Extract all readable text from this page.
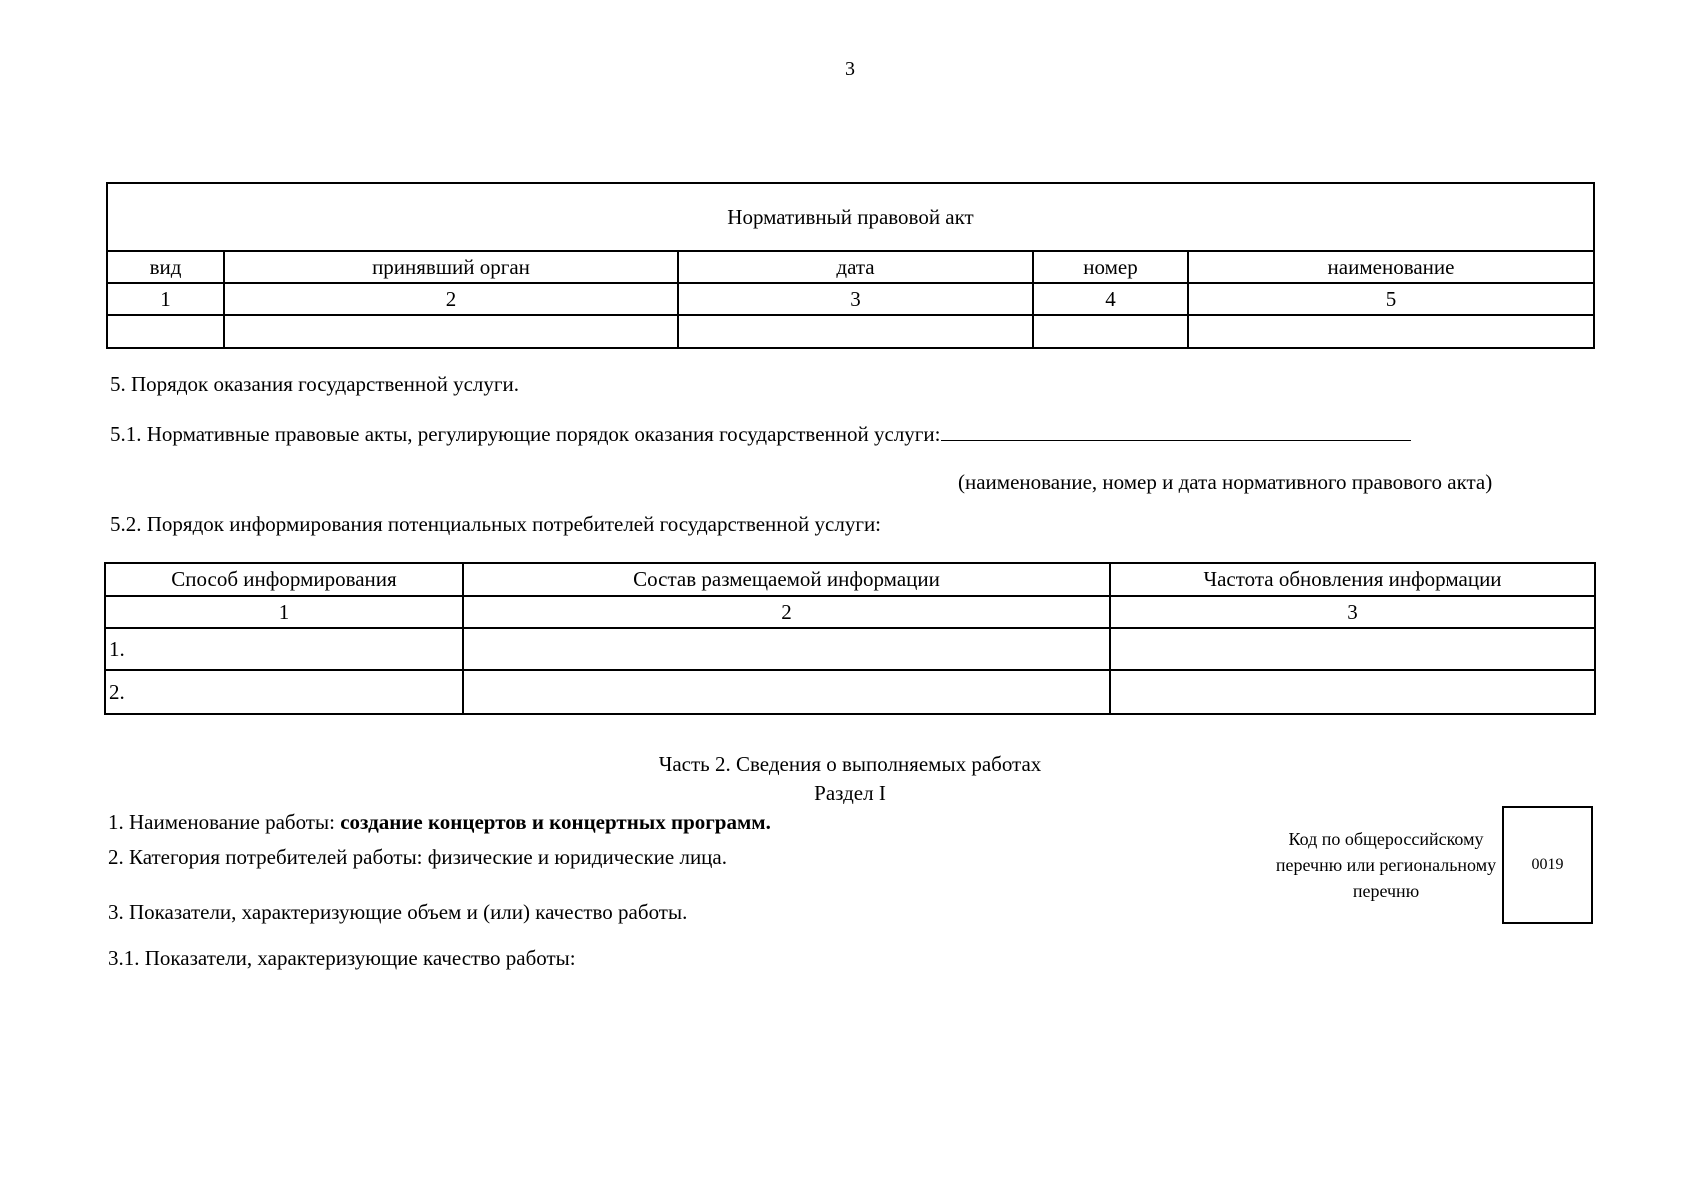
3
Нормативный правовой акт				
вид	принявший орган	дата	номер	наименование
1	2	3	4	5

5. Порядок оказания государственной услуги.
5.1. Нормативные правовые акты, регулирующие порядок оказания государственной услуги:
(наименование, номер и дата нормативного правового акта)
5.2. Порядок информирования потенциальных потребителей государственной услуги:
Способ информирования	Состав размещаемой информации	Частота обновления информации
1	2	3
1.		
2.		
Часть 2. Сведения о выполняемых работах
Раздел I
1. Наименование работы: создание концертов и концертных программ.
2. Категория потребителей работы: физические и юридические лица.
3. Показатели, характеризующие объем и (или) качество работы.
3.1. Показатели, характеризующие качество работы:
Код по общероссийскому перечню или региональному перечню
0019
